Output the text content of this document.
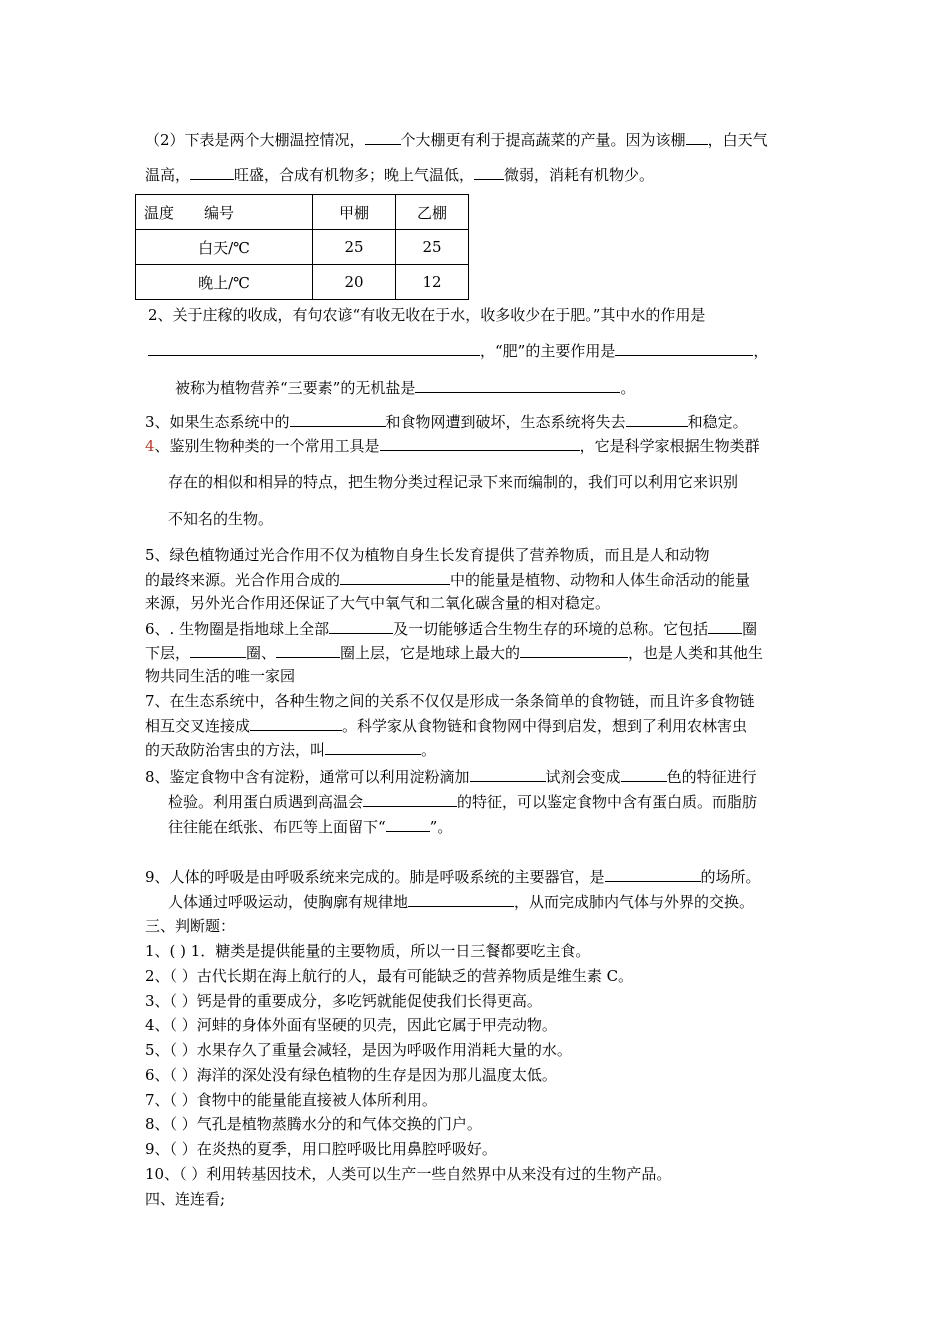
（2）下表是两个大棚温控情况， 个大棚更有利于提高蔬菜的产量。因为该棚 ，白天气
温高，	旺盛，合成有机物多；晚上气温低， 微弱，消耗有机物少。
温度 编号	甲棚	乙棚
白天/℃	25	25
晚上/℃	20	12
2、关于庄稼的收成，有句农谚“有收无收在于水，收多收少在于肥。”其中水的作用是
，“肥”的主要作用是	，
被称为植物营养“三要素”的无机盐是	。
3、如果生态系统中的	和食物网遭到破坏，生态系统将失去	和稳定。
4、鉴别生物种类的一个常用工具是	，它是科学家根据生物类群
存在的相似和相异的特点，把生物分类过程记录下来而编制的，我们可以利用它来识别
不知名的生物。
5、绿色植物通过光合作用不仅为植物自身生长发育提供了营养物质，而且是人和动物
的最终来源。光合作用合成的	中的能量是植物、动物和人体生命活动的能量
来源，另外光合作用还保证了大气中氧气和二氧化碳含量的相对稳定。
6、. 生物圈是指地球上全部	及一切能够适合生物生存的环境的总称。它包括 圈
下层，	圈、	圈上层，它是地球上最大的	，也是人类和其他生
物共同生活的唯一家园
7、在生态系统中，各种生物之间的关系不仅仅是形成一条条简单的食物链，而且许多食物链
相互交叉连接成	。科学家从食物链和食物网中得到启发，想到了利用农林害虫
的天敌防治害虫的方法，叫	。
8、鉴定食物中含有淀粉，通常可以利用淀粉滴加	试剂会变成	色的特征进行
检验。利用蛋白质遇到高温会	的特征，可以鉴定食物中含有蛋白质。而脂肪
往往能在纸张、布匹等上面留下“	”。
9、人体的呼吸是由呼吸系统来完成的。肺是呼吸系统的主要器官，是	的场所。
人体通过呼吸运动，使胸廓有规律地	，从而完成肺内气体与外界的交换。
三、判断题：
1、( ) 1．糖类是提供能量的主要物质，所以一日三餐都要吃主食。
2、（ ）古代长期在海上航行的人，最有可能缺乏的营养物质是维生素 C。
3、（ ）钙是骨的重要成分，多吃钙就能促使我们长得更高。
4、（ ）河蚌的身体外面有坚硬的贝壳，因此它属于甲壳动物。
5、（ ）水果存久了重量会减轻，是因为呼吸作用消耗大量的水。
6、（ ）海洋的深处没有绿色植物的生存是因为那儿温度太低。
7、（ ）食物中的能量能直接被人体所利用。
8、（ ）气孔是植物蒸腾水分的和气体交换的门户。
9、（ ）在炎热的夏季，用口腔呼吸比用鼻腔呼吸好。
10、（ ）利用转基因技术，人类可以生产一些自然界中从来没有过的生物产品。
四、连连看;
